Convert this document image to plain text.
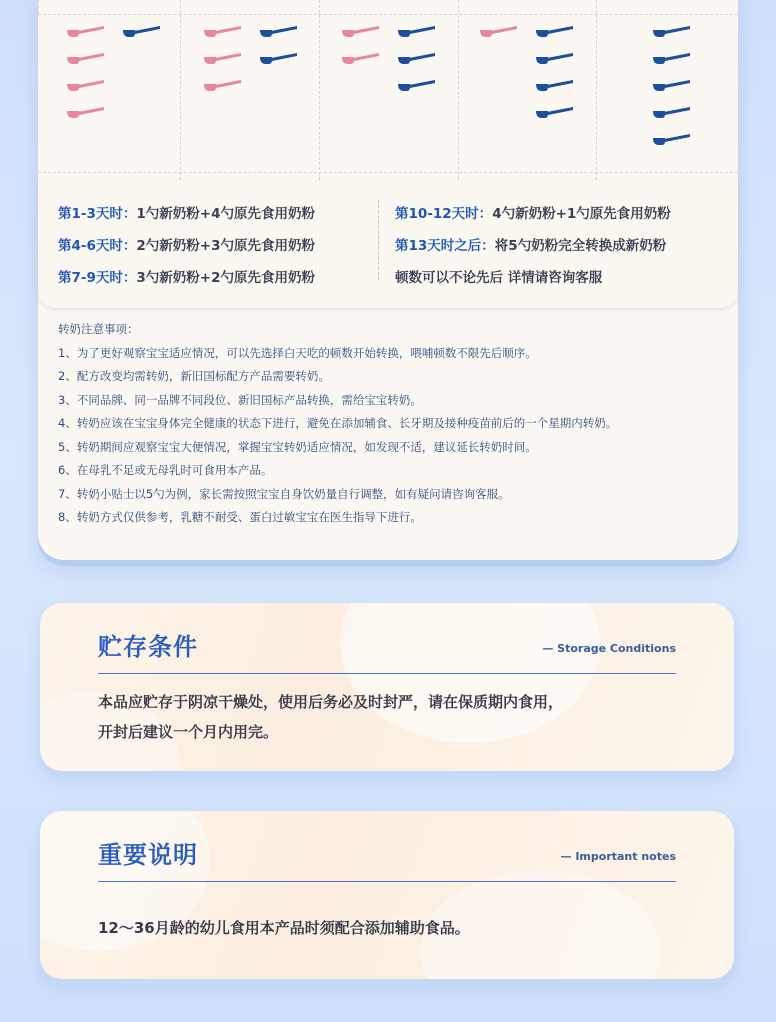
第1-3天时：1勺新奶粉+4勺原先食用奶粉
第4-6天时：2勺新奶粉+3勺原先食用奶粉
第7-9天时：3勺新奶粉+2勺原先食用奶粉
第10-12天时：4勺新奶粉+1勺原先食用奶粉
第13天时之后：将5勺奶粉完全转换成新奶粉
顿数可以不论先后 详情请咨询客服
转奶注意事项：
1、为了更好观察宝宝适应情况，可以先选择白天吃的顿数开始转换，喂哺顿数不限先后顺序。
2、配方改变均需转奶，新旧国标配方产品需要转奶。
3、不同品牌、同一品牌不同段位、新旧国标产品转换，需给宝宝转奶。
4、转奶应该在宝宝身体完全健康的状态下进行，避免在添加辅食、长牙期及接种疫苗前后的一个星期内转奶。
5、转奶期间应观察宝宝大便情况，掌握宝宝转奶适应情况，如发现不适，建议延长转奶时间。
6、在母乳不足或无母乳时可食用本产品。
7、转奶小贴士以5勺为例，家长需按照宝宝自身饮奶量自行调整，如有疑问请咨询客服。
8、转奶方式仅供参考，乳糖不耐受、蛋白过敏宝宝在医生指导下进行。
贮存条件	— Storage Conditions
本品应贮存于阴凉干燥处，使用后务必及时封严，请在保质期内食用，
开封后建议一个月内用完。
重要说明	— Important notes
12～36月龄的幼儿食用本产品时须配合添加辅助食品。
